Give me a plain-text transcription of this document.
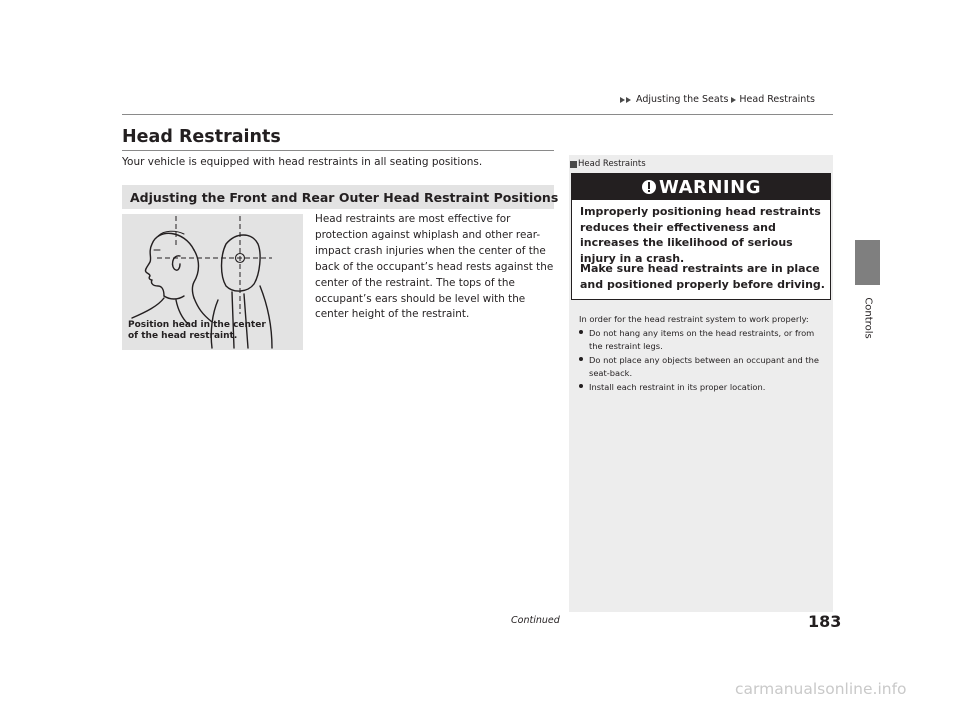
Adjusting the Seats Head Restraints
Controls
Head Restraints
Your vehicle is equipped with head restraints in all seating positions.
Adjusting the Front and Rear Outer Head Restraint Positions
Position head in the center
of the head restraint.
Head restraints are most effective for protection against whiplash and other rear-impact crash injuries when the center of the back of the occupant’s head rests against the center of the restraint. The tops of the occupant’s ears should be level with the center height of the restraint.
Head Restraints
WARNING
Improperly positioning head restraints reduces their effectiveness and increases the likelihood of serious injury in a crash.
Make sure head restraints are in place and positioned properly before driving.
In order for the head restraint system to work properly:
Do not hang any items on the head restraints, or from the restraint legs.
Do not place any objects between an occupant and the seat-back.
Install each restraint in its proper location.
Continued	183
carmanualsonline.info
